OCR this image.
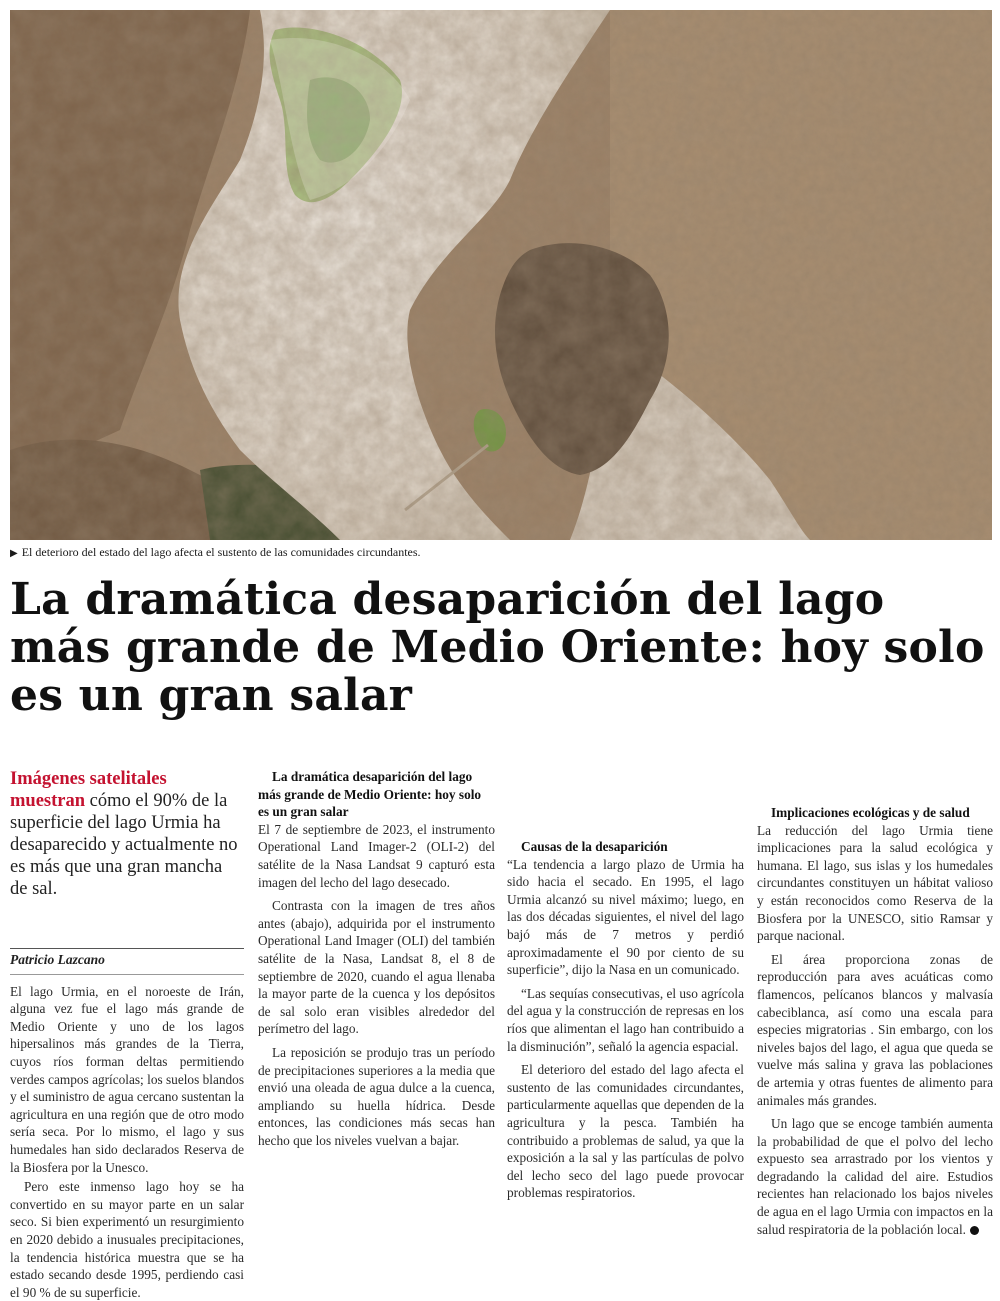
▶ El deterioro del estado del lago afecta el sustento de las comunidades circundantes.
La dramática desaparición del lago más grande de Medio Oriente: hoy solo es un gran salar

Imágenes satelitales muestran cómo el 90% de la superficie del lago Urmia ha desaparecido y actualmente no es más que una gran mancha de sal.

Patricio Lazcano

El lago Urmia, en el noroeste de Irán, alguna vez fue el lago más grande de Medio Oriente y uno de los lagos hipersalinos más grandes de la Tierra, cuyos ríos forman deltas permitiendo verdes campos agrícolas; los suelos blandos y el suministro de agua cercano sustentan la agricultura en una región que de otro modo sería seca. Por lo mismo, el lago y sus humedales han sido declarados Reserva de la Biosfera por la Unesco.

Pero este inmenso lago hoy se ha convertido en su mayor parte en un salar seco. Si bien experimentó un resurgimiento en 2020 debido a inusuales precipitaciones, la tendencia histórica muestra que se ha estado secando desde 1995, perdiendo casi el 90 % de su superficie.

La dramática desaparición del lago más grande de Medio Oriente: hoy solo es un gran salar

El 7 de septiembre de 2023, el instrumento Operational Land Imager-2 (OLI-2) del satélite de la Nasa Landsat 9 capturó esta imagen del lecho del lago desecado.

Contrasta con la imagen de tres años antes (abajo), adquirida por el instrumento Operational Land Imager (OLI) del también satélite de la Nasa, Landsat 8, el 8 de septiembre de 2020, cuando el agua llenaba la mayor parte de la cuenca y los depósitos de sal solo eran visibles alrededor del perímetro del lago.

La reposición se produjo tras un período de precipitaciones superiores a la media que envió una oleada de agua dulce a la cuenca, ampliando su huella hídrica. Desde entonces, las condiciones más secas han hecho que los niveles vuelvan a bajar.

Causas de la desaparición

“La tendencia a largo plazo de Urmia ha sido hacia el secado. En 1995, el lago Urmia alcanzó su nivel máximo; luego, en las dos décadas siguientes, el nivel del lago bajó más de 7 metros y perdió aproximadamente el 90 por ciento de su superficie”, dijo la Nasa en un comunicado.

“Las sequías consecutivas, el uso agrícola del agua y la construcción de represas en los ríos que alimentan el lago han contribuido a la disminución”, señaló la agencia espacial.

El deterioro del estado del lago afecta el sustento de las comunidades circundantes, particularmente aquellas que dependen de la agricultura y la pesca. También ha contribuido a problemas de salud, ya que la exposición a la sal y las partículas de polvo del lecho seco del lago puede provocar problemas respiratorios.

Implicaciones ecológicas y de salud

La reducción del lago Urmia tiene implicaciones para la salud ecológica y humana. El lago, sus islas y los humedales circundantes constituyen un hábitat valioso y están reconocidos como Reserva de la Biosfera por la UNESCO, sitio Ramsar y parque nacional.

El área proporciona zonas de reproducción para aves acuáticas como flamencos, pelícanos blancos y malvasía cabeciblanca, así como una escala para especies migratorias . Sin embargo, con los niveles bajos del lago, el agua que queda se vuelve más salina y grava las poblaciones de artemia y otras fuentes de alimento para animales más grandes.

Un lago que se encoge también aumenta la probabilidad de que el polvo del lecho expuesto sea arrastrado por los vientos y degradando la calidad del aire. Estudios recientes han relacionado los bajos niveles de agua en el lago Urmia con impactos en la salud respiratoria de la población local.
